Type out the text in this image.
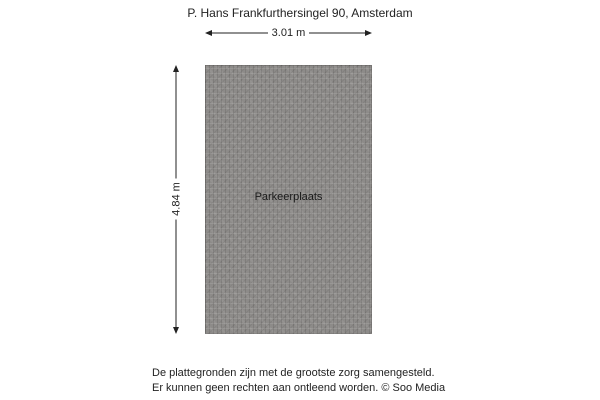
P. Hans Frankfurthersingel 90, Amsterdam
3.01 m
4.84 m	Parkeerplaats
De plattegronden zijn met de grootste zorg samengesteld.
Er kunnen geen rechten aan ontleend worden. © Soo Media
